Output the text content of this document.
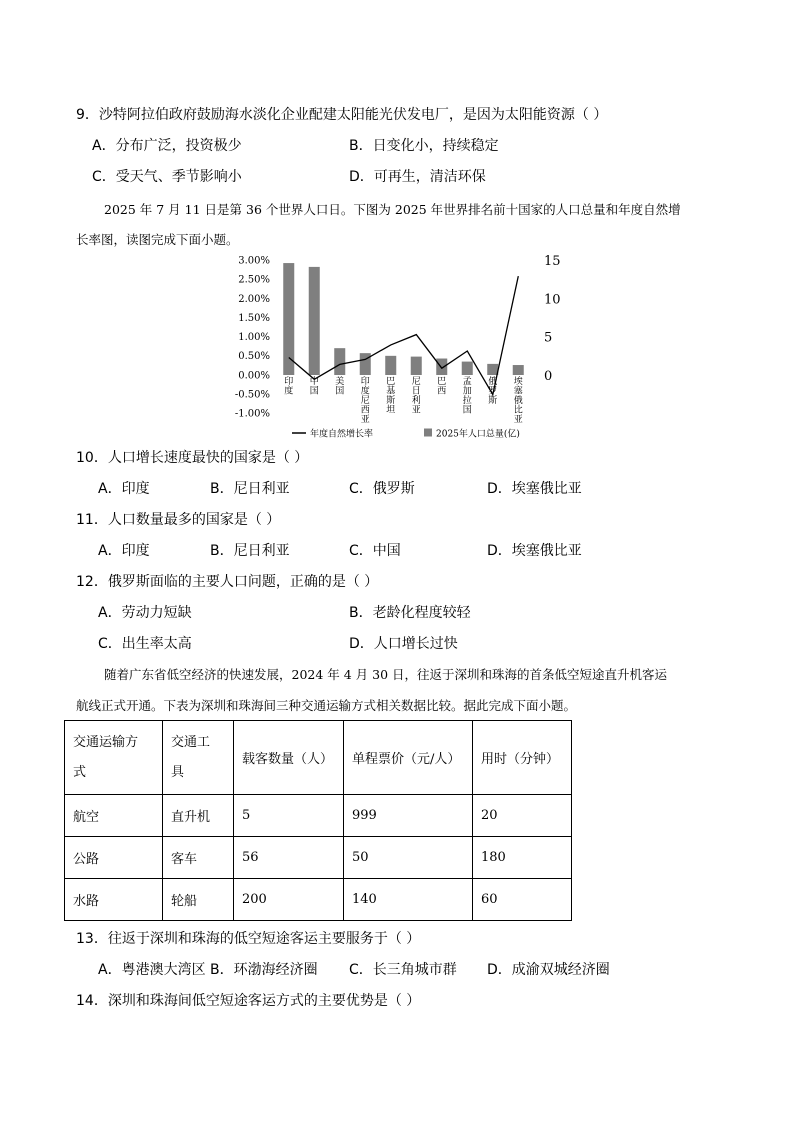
9．沙特阿拉伯政府鼓励海水淡化企业配建太阳能光伏发电厂，是因为太阳能资源（ ）
A．分布广泛，投资极少	B．日变化小，持续稳定
C．受天气、季节影响小	D．可再生，清洁环保
2025 年 7 月 11 日是第 36 个世界人口日。下图为 2025 年世界排名前十国家的人口总量和年度自然增
长率图，读图完成下面小题。
-1.00%
-0.50%
0.00%
0.50%
1.00%
1.50%
2.00%
2.50%
3.00%
0
5
10
15
印度
中国
美国
印度尼西亚
巴基斯坦
尼日利亚
巴西
孟加拉国
俄罗斯
埃塞俄比亚
年度自然增长率	2025年人口总量(亿)
10．人口增长速度最快的国家是（ ）
A．印度	B．尼日利亚	C．俄罗斯	D．埃塞俄比亚
11．人口数量最多的国家是（ ）
A．印度	B．尼日利亚	C．中国	D．埃塞俄比亚
12．俄罗斯面临的主要人口问题，正确的是（ ）
A．劳动力短缺	B．老龄化程度较轻
C．出生率太高	D．人口增长过快
随着广东省低空经济的快速发展，2024 年 4 月 30 日，往返于深圳和珠海的首条低空短途直升机客运
航线正式开通。下表为深圳和珠海间三种交通运输方式相关数据比较。据此完成下面小题。
交通运输方
式	交通工
具	载客数量（人）	单程票价（元/人）	用时（分钟）
航空	直升机	5	999	20
公路	客车	56	50	180
水路	轮船	200	140	60
13．往返于深圳和珠海的低空短途客运主要服务于（ ）
A．粤港澳大湾区 B．环渤海经济圈 C．长三角城市群 D．成渝双城经济圈
14．深圳和珠海间低空短途客运方式的主要优势是（ ）
